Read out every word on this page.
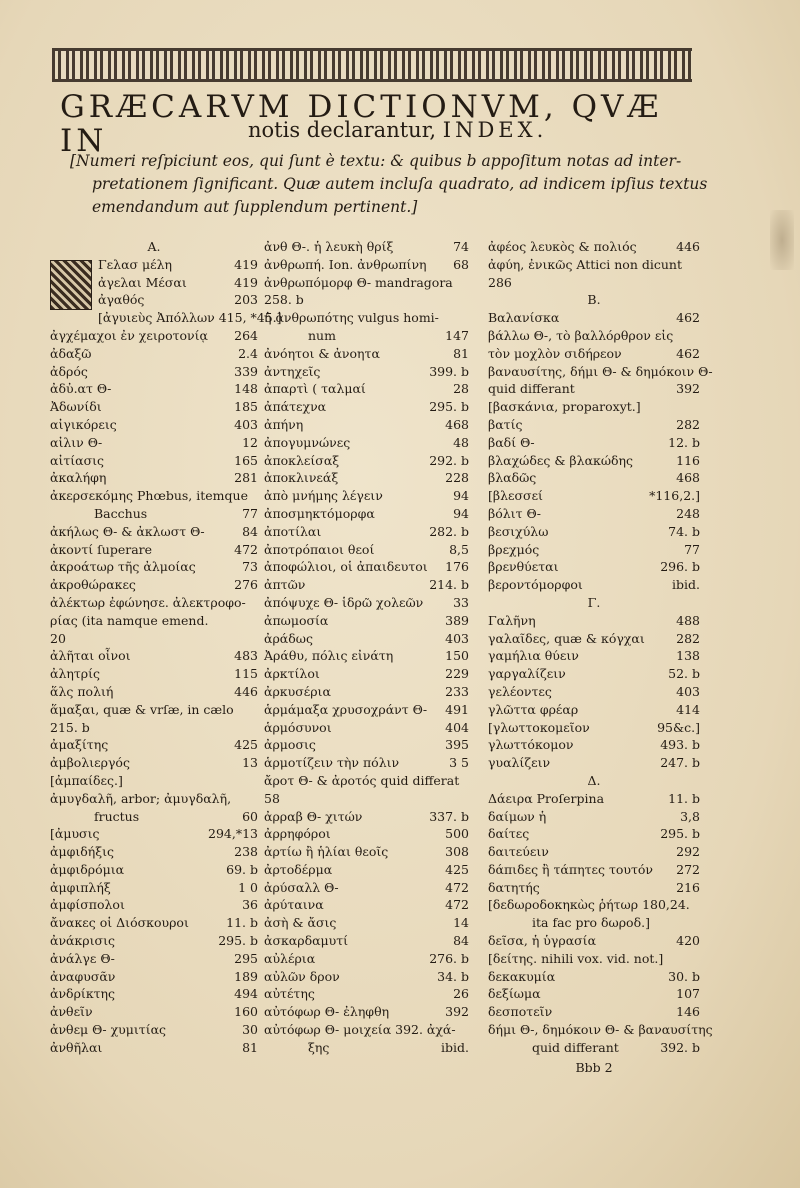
GRÆCARVM DICTIONVM, QVÆ IN	notis declarantur, INDEX.
[Numeri reſpiciunt eos, qui ſunt è textu: & quibus b appoſitum notas ad inter-
pretationem ſignificant. Quæ autem incluſa quadrato, ad indicem ipſius textus
emendandum aut ſupplendum pertinent.]
A.
Γελασ μέλη	419
ἀγελαι Μέσαι	419
ἀγαθός	203
[ἀγυιεὺς Ἀπόλλων 415, *45.]
ἀγχέμαχοι ἐν χειροτονίᾳ	264
ἀδαξῶ	2.4
ἀδρός	339
ἀδὐ.ατ Θ-	148
Ἀδωνίδι	185
αἰγικόρεις	403
αἰλιν Θ-	12
αἰτίασις	165
ἀκαλήφη	281
ἀκερσεκόμης Phœbus, itemque
Bacchus	77
ἀκήλως Θ- & ἀκλωστ Θ-	84
ἀκοντί ſuperare	472
ἀκροάτωρ τῆς ἀλμοίας	73
ἀκροθώρακες	276
ἀλέκτωρ ἐφώνησε. ἀλεκτροφο-
ρίας (ita namque emend.
20
ἀλῆται οἶνοι	483
ἀλητρίς	115
ἅλς πολιή	446
ἅμαξαι, quæ & vrſæ, in cælo
215. b
ἀμαξίτης	425
ἀμβολιεργός	13
[ἀμπαίδες.]
ἀμυγδαλῆ, arbor; ἀμυγδαλῆ,
fructus	60
[ἀμυσις	294,*13
ἀμφιδήξις	238
ἀμφιδρόμια	69. b
ἀμφιπλήξ	1 0
ἀμφίσπολοι	36
ἄνακες οἱ Διόσκουροι	11. b
ἀνάκρισις	295. b
ἀνάλγε Θ-	295
ἀναφυσᾶν	189
ἀνδρίκτης	494
ἀνθεῖν	160
ἀνθεμ Θ- χυμιτίας	30
ἀνθῆλαι	81
ἀνθ Θ-. ἡ λευκὴ θρίξ	74
ἀνθρωπή. Ion. ἀνθρωπίνη	68
ἀνθρωπόμορφ Θ- mandragora
258. b
ἡ ἀνθρωπότης vulgus homi-
num	147
ἀνόητοι & ἀνοητα	81
ἀντηχεῖς	399. b
ἀπαρτὶ ( ταλμαί	28
ἀπάτεχνα	295. b
ἀπήνη	468
ἀπογυμνώνες	48
ἀποκλείσαξ	292. b
ἀποκλινεάξ	228
ἀπὸ μνήμης λέγειν	94
ἀποσμηκτόμορφα	94
ἀποτίλαι	282. b
ἀποτρόπαιοι θεοί	8,5
ἀποφώλιοι, οἱ ἀπαιδευτοι	176
ἀπτῶν	214. b
ἀπόψυχε Θ- ἱδρῶ χολεῶν	33
ἀπωμοσία	389
ἀράδως	403
Ἀράθυ, πόλις εἰνάτη	150
ἀρκτίλοι	229
ἀρκυσέρια	233
ἁρμάμαξα χρυσοχράντ Θ-	491
ἁρμόσυνοι	404
ἀρμοσις	395
ἁρμοτίζειν τὴν πόλιν	3 5
ἄροτ Θ- & ἀροτός quid differat
58
ἀρραβ Θ- χιτών	337. b
ἀρρηφόροι	500
ἀρτίω ἢ ἡλίαι θεοῖς	308
ἀρτοδέρμα	425
ἀρύσαλλ Θ-	472
ἀρύταινα	472
ἀσὴ & ἄσις	14
ἀσκαρδαμυτί	84
αὐλέρια	276. b
αὐλῶν δρον	34. b
αὐτέτης	26
αὐτόφωρ Θ- ἐληφθη	392
αὐτόφωρ Θ- μοιχεία 392. ἀχά-
ξης	ibid.
ἀφέος λευκὸς & πολιός	446
ἀφύη, ἐνικῶς Attici non dicunt
286
B.
Βαλανίσκα	462
βάλλω Θ-, τὸ βαλλόρθρον εἰς
τὸν μοχλὸν σιδήρεον	462
βαναυσίτης, δήμι Θ- & δημόκοιν Θ-
quid differant	392
[βασκάνια, proparoxyt.]
βατίς	282
βαδί Θ-	12. b
βλαχώδες & βλακώδης	116
βλαδῶς	468
[βλεσσεί	*116,2.]
βόλιτ Θ-	248
βεσιχύλω	74. b
βρεχμός	77
βρενθύεται	296. b
βεροντόμορφοι	ibid.
Γ.
Γαλῆνη	488
γαλαῖδες, quæ & κόγχαι	282
γαμήλια θύειν	138
γαργαλίζειν	52. b
γελέοντες	403
γλῶττα φρέαρ	414
[γλωττοκομεῖον	95&c.]
γλωττόκομον	493. b
γυαλίζειν	247. b
Δ.
Δάειρα Proſerpina	11. b
δαίμων ἡ	3,8
δαίτες	295. b
δαιτεύειν	292
δάπιδες ἢ τάπητες τουτόν	272
δατητής	216
[δεδωροδοκηκὼς ῥήτωρ 180,24.
ita fac pro δωροδ.]
δεῖσα, ἡ ὑγρασία	420
[δείτης. nihili vox. vid. not.]
δεκακυμία	30. b
δεξίωμα	107
δεσποτεῖν	146
δήμι Θ-, δημόκοιν Θ- & βαναυσίτης
quid differant	392. b
Bbb 2
